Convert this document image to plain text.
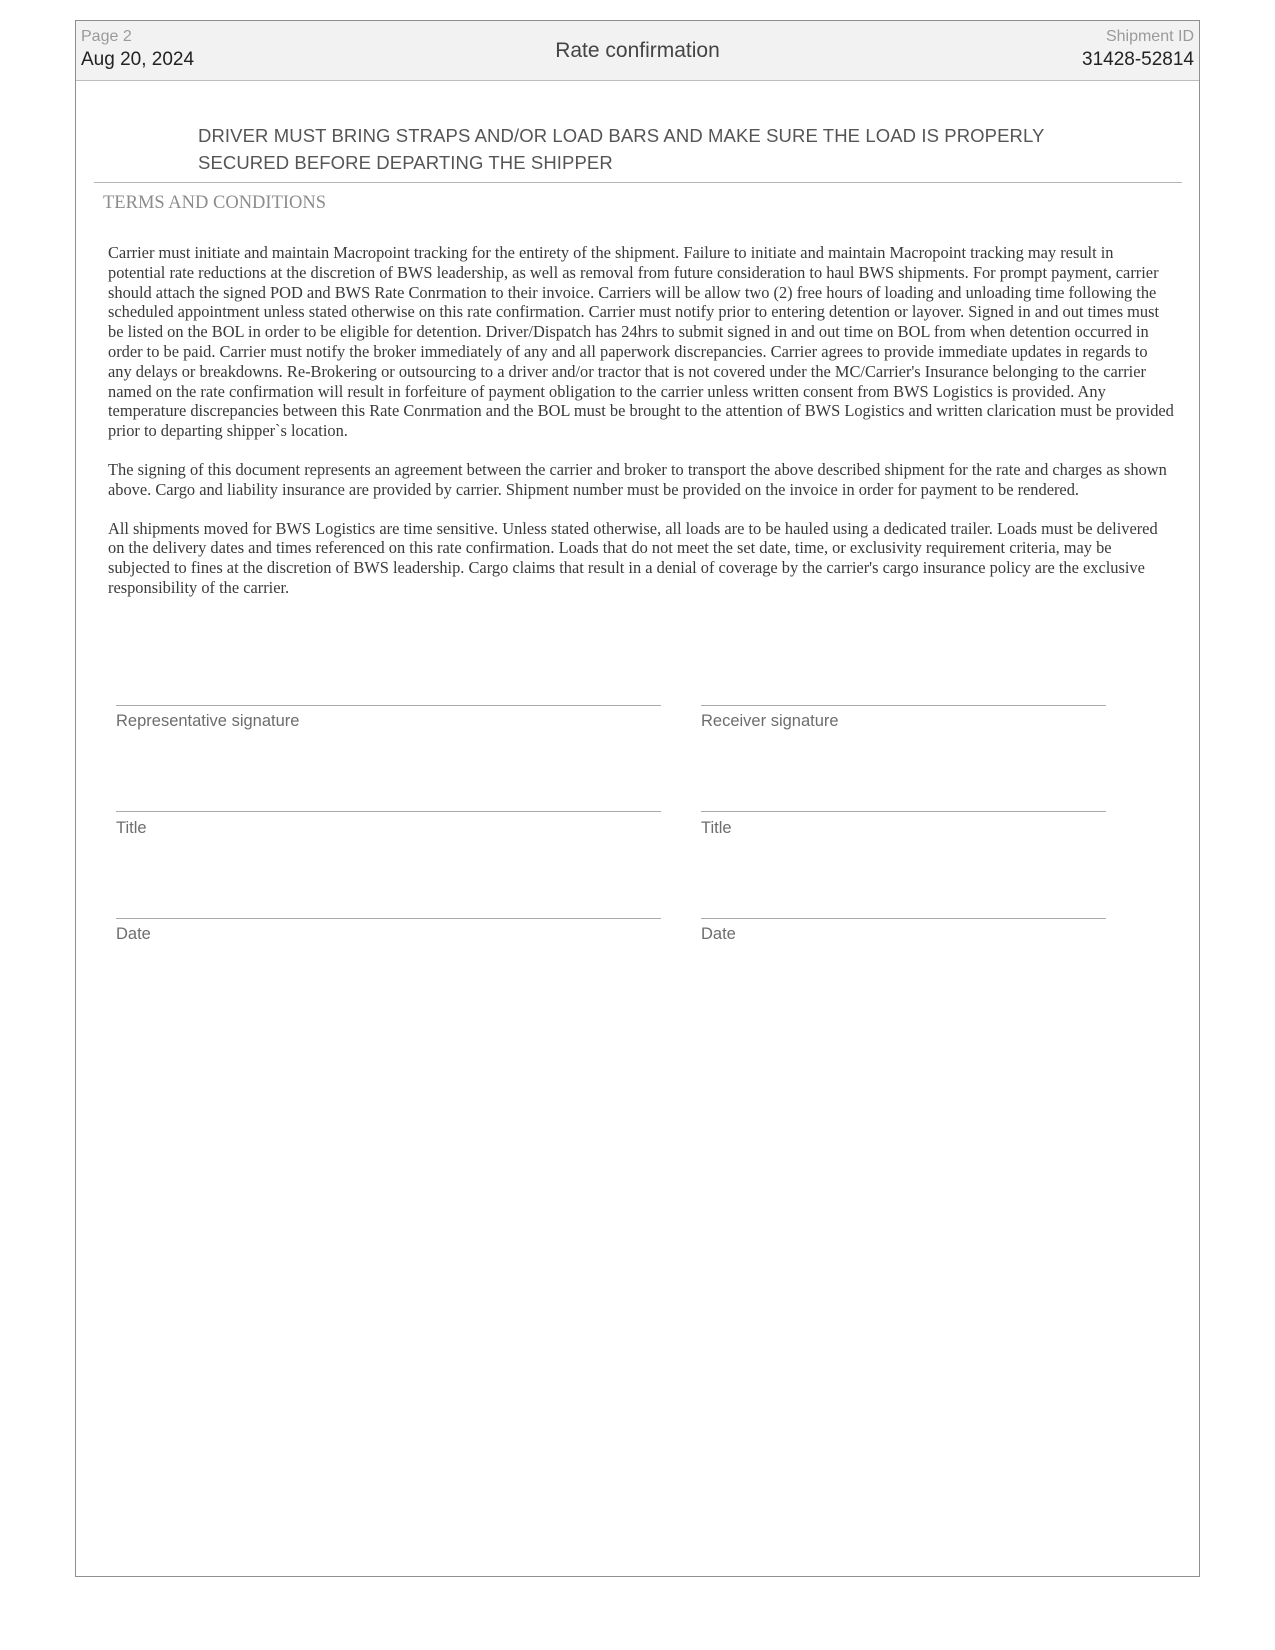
Page 2
Aug 20, 2024	Rate confirmation
Shipment ID
31428-52814
DRIVER MUST BRING STRAPS AND/OR LOAD BARS AND MAKE SURE THE LOAD IS PROPERLY SECURED BEFORE DEPARTING THE SHIPPER
TERMS AND CONDITIONS

Carrier must initiate and maintain Macropoint tracking for the entirety of the shipment. Failure to initiate and maintain Macropoint tracking may result in potential rate reductions at the discretion of BWS leadership, as well as removal from future consideration to haul BWS shipments. For prompt payment, carrier should attach the signed POD and BWS Rate Conrmation to their invoice. Carriers will be allow two (2) free hours of loading and unloading time following the scheduled appointment unless stated otherwise on this rate confirmation. Carrier must notify prior to entering detention or layover. Signed in and out times must be listed on the BOL in order to be eligible for detention. Driver/Dispatch has 24hrs to submit signed in and out time on BOL from when detention occurred in order to be paid. Carrier must notify the broker immediately of any and all paperwork discrepancies. Carrier agrees to provide immediate updates in regards to any delays or breakdowns. Re-Brokering or outsourcing to a driver and/or tractor that is not covered under the MC/Carrier's Insurance belonging to the carrier named on the rate confirmation will result in forfeiture of payment obligation to the carrier unless written consent from BWS Logistics is provided. Any temperature discrepancies between this Rate Conrmation and the BOL must be brought to the attention of BWS Logistics and written clarication must be provided prior to departing shipper`s location.

The signing of this document represents an agreement between the carrier and broker to transport the above described shipment for the rate and charges as shown above. Cargo and liability insurance are provided by carrier. Shipment number must be provided on the invoice in order for payment to be rendered.

All shipments moved for BWS Logistics are time sensitive. Unless stated otherwise, all loads are to be hauled using a dedicated trailer. Loads must be delivered on the delivery dates and times referenced on this rate confirmation. Loads that do not meet the set date, time, or exclusivity requirement criteria, may be subjected to fines at the discretion of BWS leadership. Cargo claims that result in a denial of coverage by the carrier's cargo insurance policy are the exclusive responsibility of the carrier.

Representative signature
Title
Date
Receiver signature
Title
Date
